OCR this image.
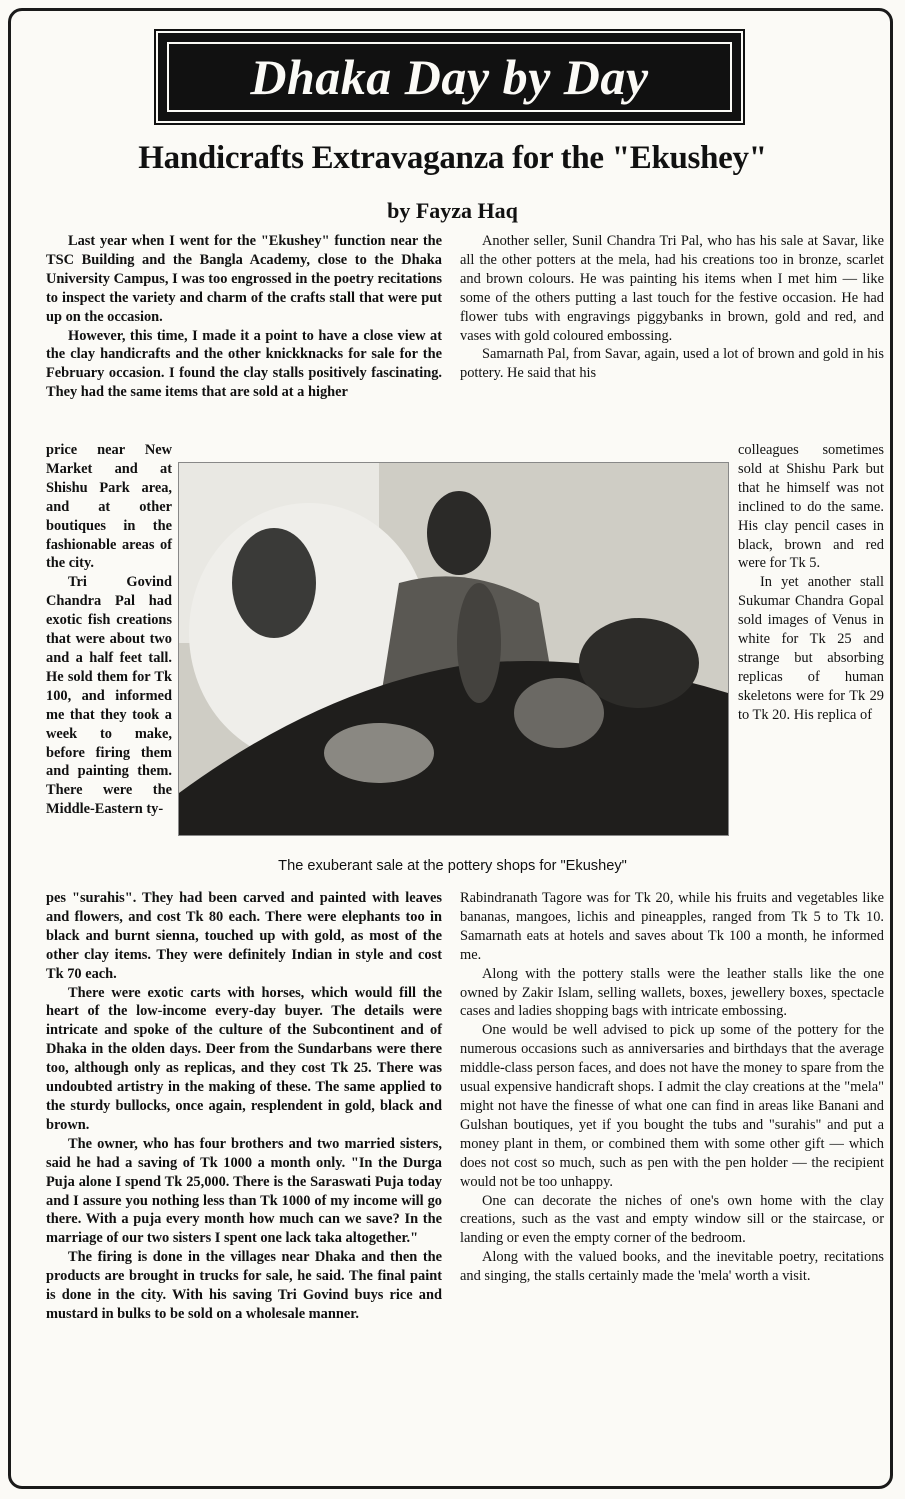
Dhaka Day by Day
Handicrafts Extravaganza for the "Ekushey"
by Fayza Haq

Last year when I went for the "Ekushey" function near the TSC Building and the Bangla Academy, close to the Dhaka University Campus, I was too engrossed in the poetry recitations to inspect the variety and charm of the crafts stall that were put up on the occasion.

However, this time, I made it a point to have a close view at the clay handicrafts and the other knickknacks for sale for the February occasion. I found the clay stalls positively fascinating. They had the same items that are sold at a higher

Another seller, Sunil Chandra Tri Pal, who has his sale at Savar, like all the other potters at the mela, had his creations too in bronze, scarlet and brown colours. He was painting his items when I met him — like some of the others putting a last touch for the festive occasion. He had flower tubs with engravings piggybanks in brown, gold and red, and vases with gold coloured embossing.

Samarnath Pal, from Savar, again, used a lot of brown and gold in his pottery. He said that his

price near New Market and at Shishu Park area, and at other boutiques in the fashionable areas of the city.

Tri Govind Chandra Pal had exotic fish creations that were about two and a half feet tall. He sold them for Tk 100, and informed me that they took a week to make, before firing them and painting them. There were the Middle-Eastern ty-

The exuberant sale at the pottery shops for "Ekushey"

colleagues sometimes sold at Shishu Park but that he himself was not inclined to do the same. His clay pencil cases in black, brown and red were for Tk 5.

In yet another stall Sukumar Chandra Gopal sold images of Venus in white for Tk 25 and strange but absorbing replicas of human skeletons were for Tk 29 to Tk 20. His replica of

pes "surahis". They had been carved and painted with leaves and flowers, and cost Tk 80 each. There were elephants too in black and burnt sienna, touched up with gold, as most of the other clay items. They were definitely Indian in style and cost Tk 70 each.

There were exotic carts with horses, which would fill the heart of the low-income every-day buyer. The details were intricate and spoke of the culture of the Subcontinent and of Dhaka in the olden days. Deer from the Sundarbans were there too, although only as replicas, and they cost Tk 25. There was undoubted artistry in the making of these. The same applied to the sturdy bullocks, once again, resplendent in gold, black and brown.

The owner, who has four brothers and two married sisters, said he had a saving of Tk 1000 a month only. "In the Durga Puja alone I spend Tk 25,000. There is the Saraswati Puja today and I assure you nothing less than Tk 1000 of my income will go there. With a puja every month how much can we save? In the marriage of our two sisters I spent one lack taka altogether."

The firing is done in the villages near Dhaka and then the products are brought in trucks for sale, he said. The final paint is done in the city. With his saving Tri Govind buys rice and mustard in bulks to be sold on a wholesale manner.

Rabindranath Tagore was for Tk 20, while his fruits and vegetables like bananas, mangoes, lichis and pineapples, ranged from Tk 5 to Tk 10. Samarnath eats at hotels and saves about Tk 100 a month, he informed me.

Along with the pottery stalls were the leather stalls like the one owned by Zakir Islam, selling wallets, boxes, jewellery boxes, spectacle cases and ladies shopping bags with intricate embossing.

One would be well advised to pick up some of the pottery for the numerous occasions such as anniversaries and birthdays that the average middle-class person faces, and does not have the money to spare from the usual expensive handicraft shops. I admit the clay creations at the "mela" might not have the finesse of what one can find in areas like Banani and Gulshan boutiques, yet if you bought the tubs and "surahis" and put a money plant in them, or combined them with some other gift — which does not cost so much, such as pen with the pen holder — the recipient would not be too unhappy.

One can decorate the niches of one's own home with the clay creations, such as the vast and empty window sill or the staircase, or landing or even the empty corner of the bedroom.

Along with the valued books, and the inevitable poetry, recitations and singing, the stalls certainly made the 'mela' worth a visit.
